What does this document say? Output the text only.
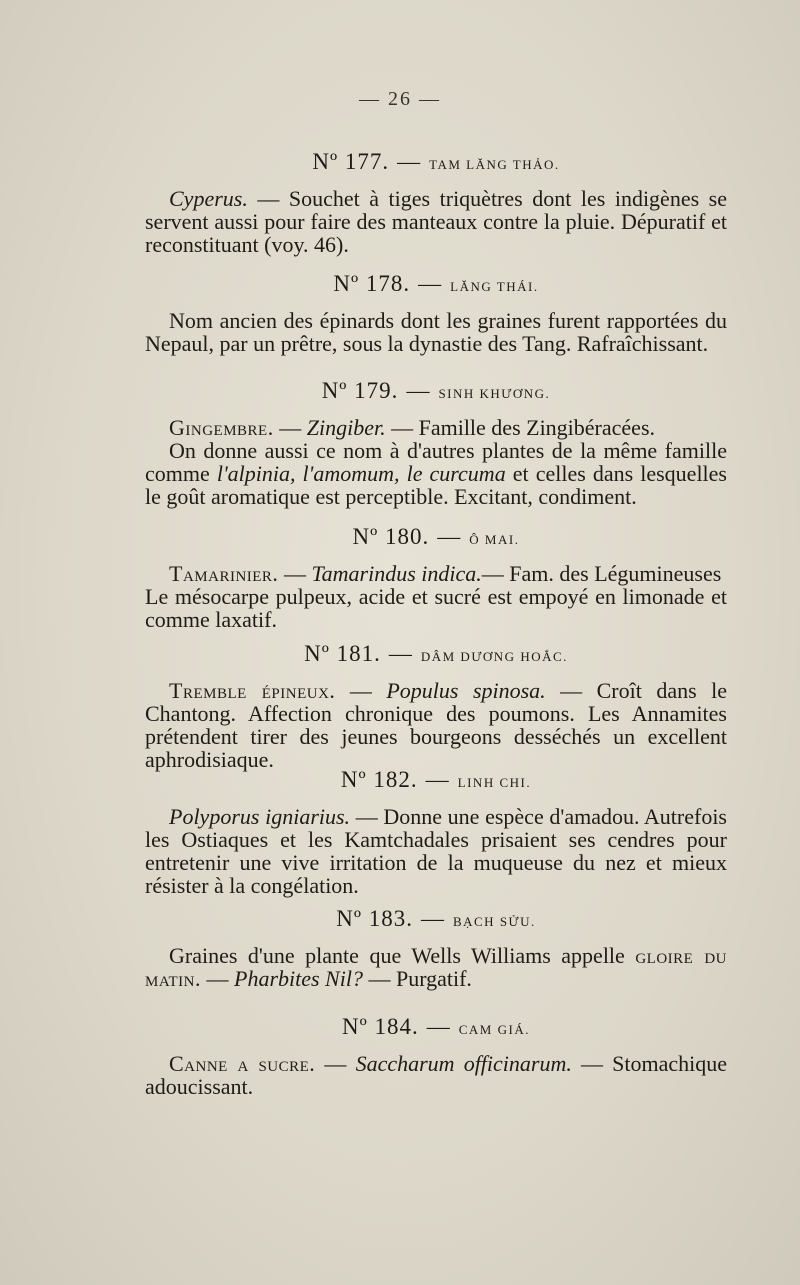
— 26 —

Nº 177. — TAM LĂNG THẢO.

Cyperus. — Souchet à tiges triquètres dont les indigènes se servent aussi pour faire des manteaux contre la pluie. Dépuratif et reconstituant (voy. 46).

Nº 178. — LĂNG THÁI.

Nom ancien des épinards dont les graines furent rapportées du Nepaul, par un prêtre, sous la dynastie des Tang. Rafraîchissant.

Nº 179. — SINH KHƯƠNG.

Gingembre. — Zingiber. — Famille des Zingibéracées.

On donne aussi ce nom à d'autres plantes de la même famille comme l'alpinia, l'amomum, le curcuma et celles dans lesquelles le goût aromatique est perceptible. Excitant, condiment.

Nº 180. — Ô MAI.

Tamarinier. — Tamarindus indica.— Fam. des Légumineuses

Le mésocarpe pulpeux, acide et sucré est empoyé en limonade et comme laxatif.

Nº 181. — DÂM DƯƠNG HOẮC.

Tremble épineux. — Populus spinosa. — Croît dans le Chantong. Affection chronique des poumons. Les Annamites prétendent tirer des jeunes bourgeons desséchés un excellent aphrodisiaque.

Nº 182. — LINH CHI.

Polyporus igniarius. — Donne une espèce d'amadou. Autrefois les Ostiaques et les Kamtchadales prisaient ses cendres pour entretenir une vive irritation de la muqueuse du nez et mieux résister à la congélation.

Nº 183. — BẠCH SỬU.

Graines d'une plante que Wells Williams appelle gloire du matin. — Pharbites Nil? — Purgatif.

Nº 184. — CAM GIÁ.

Canne a sucre. — Saccharum officinarum. — Stomachique adoucissant.
